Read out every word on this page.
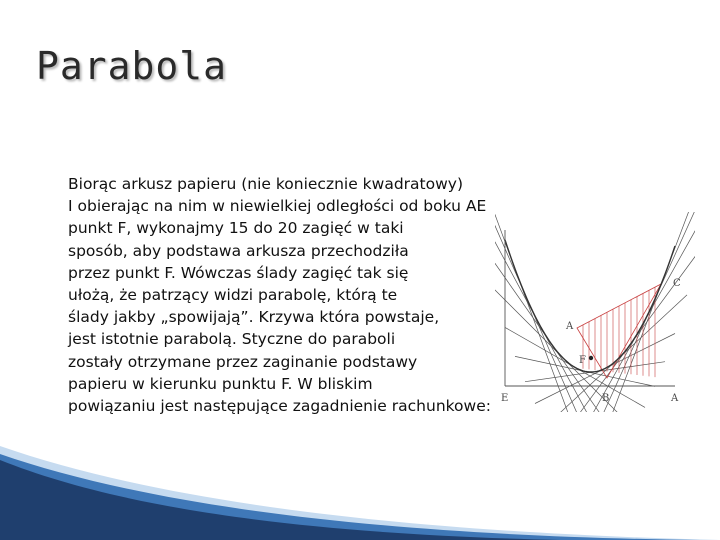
Parabola
Biorąc arkusz papieru (nie koniecznie kwadratowy)
I obierając na nim w niewielkiej odległości od boku AE
punkt F, wykonajmy 15 do 20 zagięć w taki
sposób, aby podstawa arkusza przechodziła
przez punkt F. Wówczas ślady zagięć tak się
ułożą, że patrzący widzi parabolę, którą te
ślady jakby „spowijają”. Krzywa która powstaje,
jest istotnie parabolą. Styczne do paraboli
zostały otrzymane przez zaginanie podstawy
papieru w kierunku punktu F. W bliskim
powiązaniu jest następujące zagadnienie rachunkowe:
C
A
F
E	B	A
